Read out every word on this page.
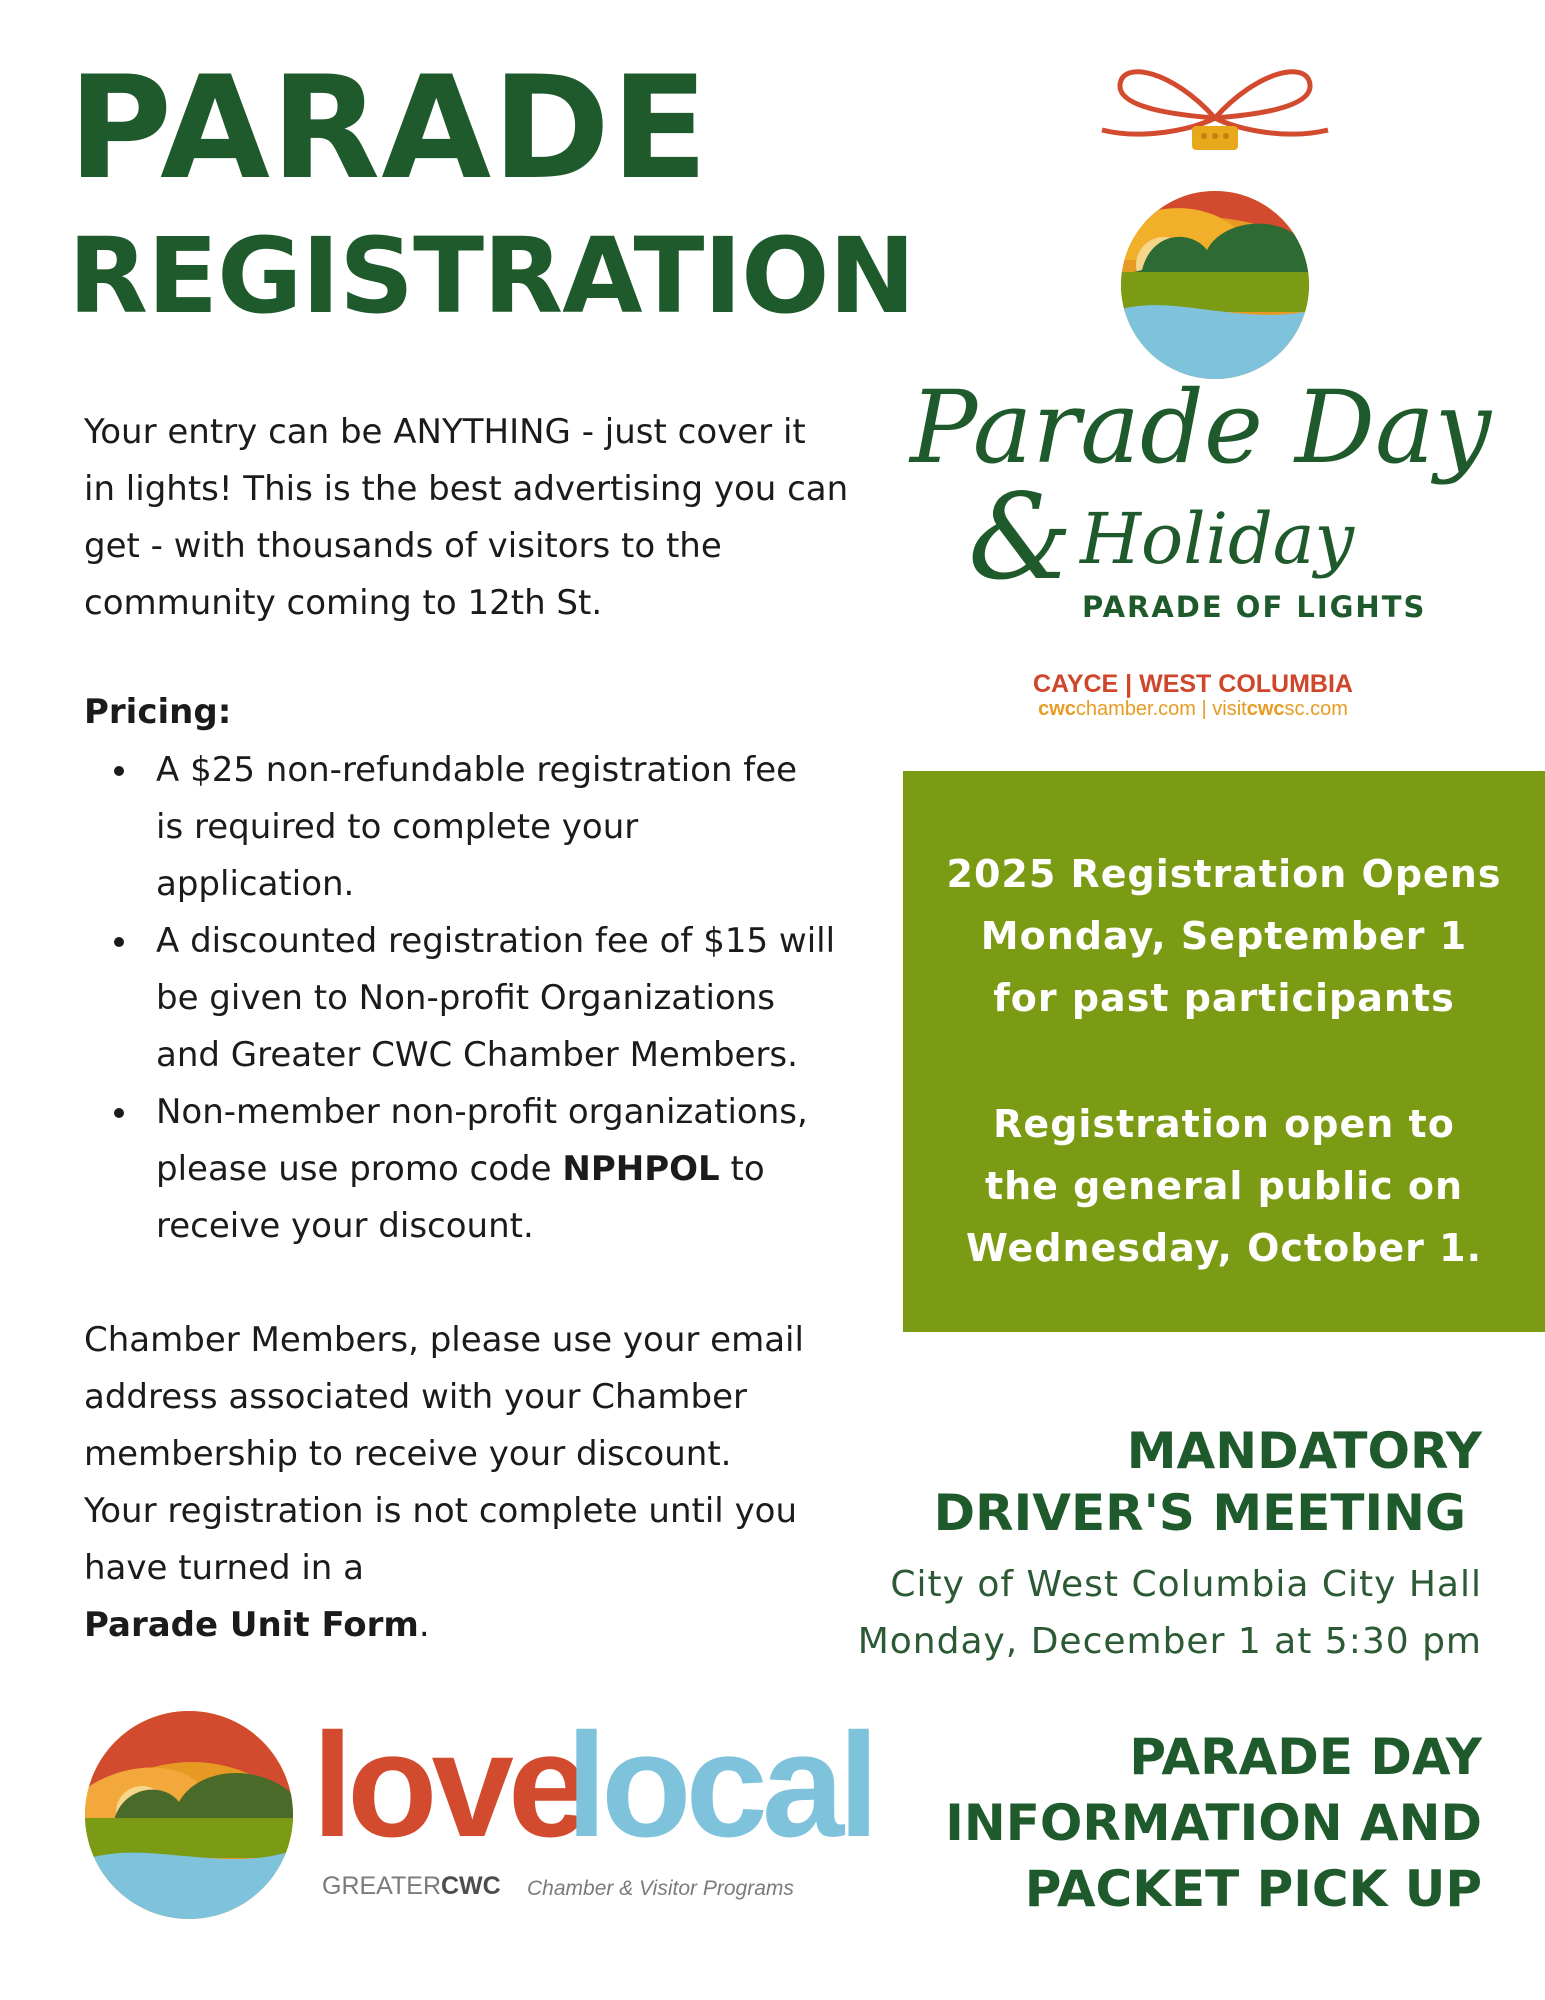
PARADE
REGISTRATION
Parade Day
& Holiday
PARADE OF LIGHTS
CAYCE | WEST COLUMBIA
cwcchamber.com | visitcwcsc.com
Your entry can be ANYTHING - just cover it
in lights! This is the best advertising you can
get - with thousands of visitors to the
community coming to 12th St.
Pricing:
A $25 non-refundable registration fee
is required to complete your
application.
A discounted registration fee of $15 will
be given to Non-profit Organizations
and Greater CWC Chamber Members.
Non-member non-profit organizations,
please use promo code NPHPOL to
receive your discount.
Chamber Members, please use your email
address associated with your Chamber
membership to receive your discount.
Your registration is not complete until you
have turned in a
Parade Unit Form.
2025 Registration Opens
Monday, September 1
for past participants
Registration open to
the general public on
Wednesday, October 1.
MANDATORY
DRIVER'S MEETING
City of West Columbia City Hall
Monday, December 1 at 5:30 pm
PARADE DAY
INFORMATION AND
PACKET PICK UP
love
local
GREATERCWC Chamber & Visitor Programs
